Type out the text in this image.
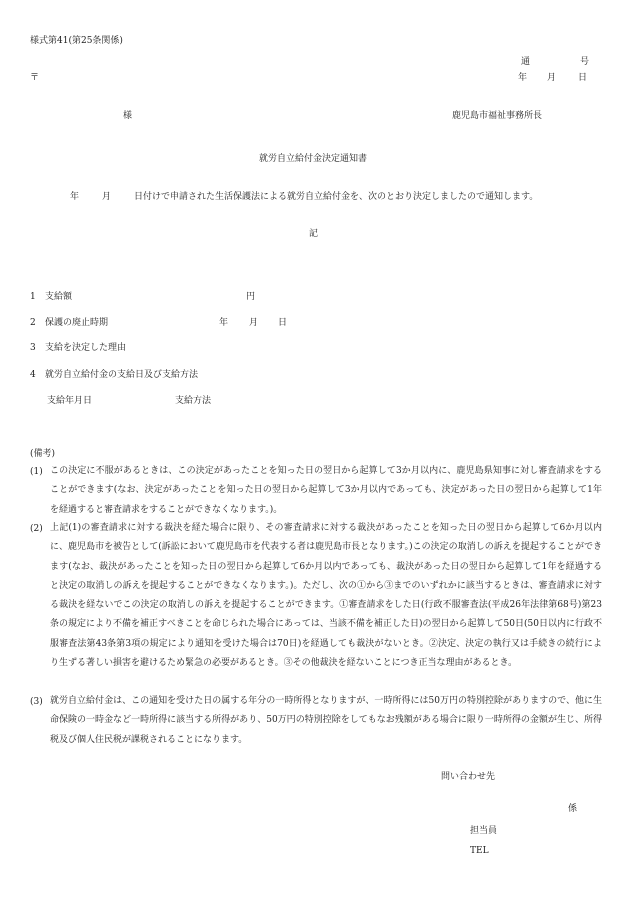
様式第41(第25条関係)
通	号
〒	年 月 日
様	鹿児島市福祉事務所長
就労自立給付金決定通知書
年	月	日付けで申請された生活保護法による就労自立給付金を、次のとおり決定しましたので通知します。
記
1 支給額	円
2 保護の廃止時期	年 月 日
3 支給を決定した理由
4 就労自立給付金の支給日及び支給方法
支給年月日	支給方法
(備考)
(1) この決定に不服があるときは、この決定があったことを知った日の翌日から起算して3か月以内に、鹿児島県知事に対し審査請求をすることができます(なお、決定があったことを知った日の翌日から起算して3か月以内であっても、決定があった日の翌日から起算して1年を経過すると審査請求をすることができなくなります。)。
(2) 上記(1)の審査請求に対する裁決を経た場合に限り、その審査請求に対する裁決があったことを知った日の翌日から起算して6か月以内に、鹿児島市を被告として(訴訟において鹿児島市を代表する者は鹿児島市長となります。)この決定の取消しの訴えを提起することができます(なお、裁決があったことを知った日の翌日から起算して6か月以内であっても、裁決があった日の翌日から起算して1年を経過すると決定の取消しの訴えを提起することができなくなります。)。ただし、次の①から③までのいずれかに該当するときは、審査請求に対する裁決を経ないでこの決定の取消しの訴えを提起することができます。①審査請求をした日(行政不服審査法(平成26年法律第68号)第23条の規定により不備を補正すべきことを命じられた場合にあっては、当該不備を補正した日)の翌日から起算して50日(50日以内に行政不服審査法第43条第3項の規定により通知を受けた場合は70日)を経過しても裁決がないとき。②決定、決定の執行又は手続きの続行により生ずる著しい損害を避けるため緊急の必要があるとき。③その他裁決を経ないことにつき正当な理由があるとき。
(3) 就労自立給付金は、この通知を受けた日の属する年分の一時所得となりますが、一時所得には50万円の特別控除がありますので、他に生命保険の一時金など一時所得に該当する所得があり、50万円の特別控除をしてもなお残額がある場合に限り一時所得の金額が生じ、所得税及び個人住民税が課税されることになります。
問い合わせ先
係
担当員
TEL
